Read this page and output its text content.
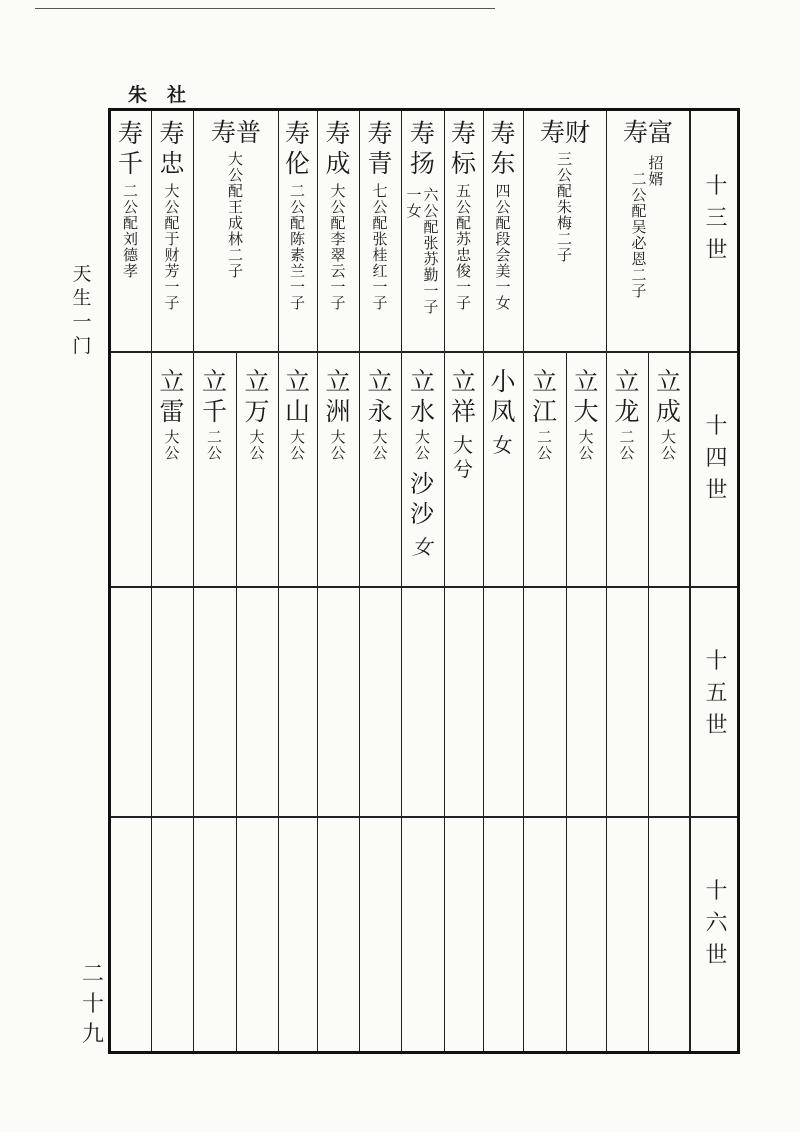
朱社
天生一门
二十九
十三世
十四世
十五世
十六世
寿富
招婿
二公配吴必恩二子
寿财
三公配朱梅二子
寿东
四公配段会美一女
寿标
五公配苏忠俊一子
寿扬
六公配张苏勤一子
一女
寿青
七公配张桂红一子
寿成
大公配李翠云一子
寿伦
二公配陈素兰一子
寿普
大公配王成林二子
寿忠
大公配于财芳一子
寿千
二公配刘德孝
立成
大公
立龙
二公
立大
大公
立江
二公
小凤
女
立祥
大兮
立水
大公
沙沙
女
立永
大公
立洲
大公
立山
大公
立万
大公
立千
二公
立雷
大公
